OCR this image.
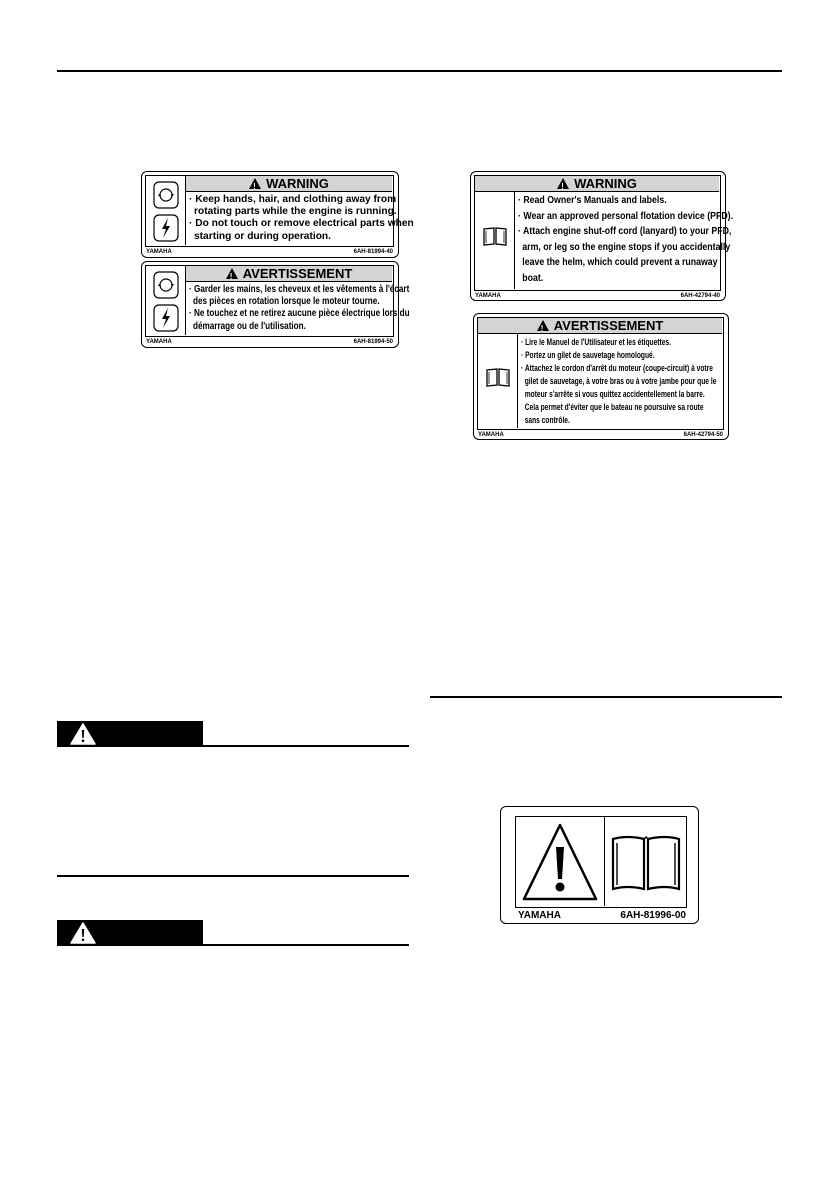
!WARNING
· Keep hands, hair, and clothing away from
rotating parts while the engine is running.
· Do not touch or remove electrical parts when
starting or during operation.
YAMAHA	6AH-81994-40
!AVERTISSEMENT
· Garder les mains, les cheveux et les vêtements à l'écart
des pièces en rotation lorsque le moteur tourne.
· Ne touchez et ne retirez aucune pièce électrique lors du
démarrage ou de l'utilisation.
YAMAHA	6AH-81994-50
!WARNING
· Read Owner's Manuals and labels.
· Wear an approved personal flotation device (PFD).
· Attach engine shut-off cord (lanyard) to your PFD,
arm, or leg so the engine stops if you accidentally
leave the helm, which could prevent a runaway
boat.
YAMAHA	6AH-42794-40
!AVERTISSEMENT
· Lire le Manuel de l'Utilisateur et les étiquettes.
· Portez un gilet de sauvetage homologué.
· Attachez le cordon d'arrêt du moteur (coupe-circuit) à votre
gilet de sauvetage, à votre bras ou à votre jambe pour que le
moteur s'arrête si vous quittez accidentellement la barre.
Cela permet d'éviter que le bateau ne poursuive sa route
sans contrôle.
YAMAHA	6AH-42794-50
YAMAHA	6AH-81996-00
